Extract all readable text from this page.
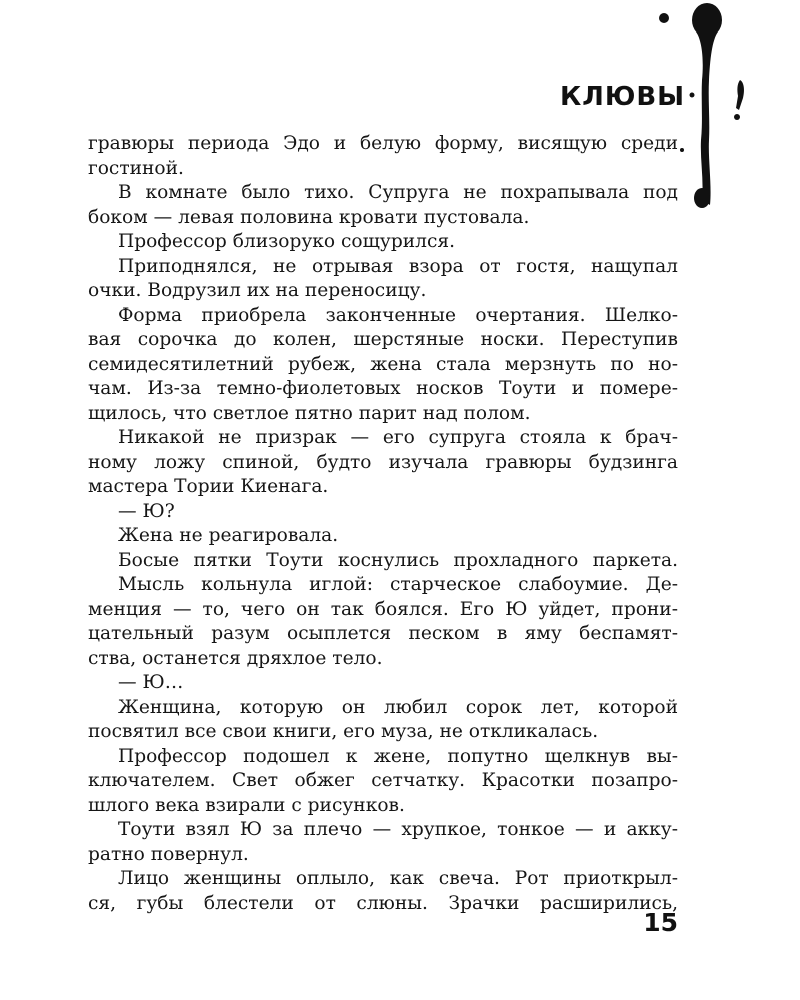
КЛЮВЫ
гравюры периода Эдо и белую форму, висящую среди
гостиной.
В комнате было тихо. Супруга не похрапывала под
боком — левая половина кровати пустовала.
Профессор близоруко сощурился.
Приподнялся, не отрывая взора от гостя, нащупал
очки. Водрузил их на переносицу.
Форма приобрела законченные очертания. Шелко-
вая сорочка до колен, шерстяные носки. Переступив
семидесятилетний рубеж, жена стала мерзнуть по но-
чам. Из-за темно-фиолетовых носков Тоути и померe-
щилось, что светлое пятно парит над полом.
Никакой не призрак — его супруга стояла к брач-
ному ложу спиной, будто изучала гравюры будзинга
мастера Тории Киенага.
— Ю?
Жена не реагировала.
Босые пятки Тоути коснулись прохладного паркета.
Мысль кольнула иглой: старческое слабоумие. Де-
менция — то, чего он так боялся. Его Ю уйдет, прони-
цательный разум осыплется песком в яму беспамят-
ства, останется дряхлое тело.
— Ю…
Женщина, которую он любил сорок лет, которой
посвятил все свои книги, его муза, не откликалась.
Профессор подошел к жене, попутно щелкнув вы-
ключателем. Свет обжег сетчатку. Красотки позапро-
шлого века взирали с рисунков.
Тоути взял Ю за плечо — хрупкое, тонкое — и акку-
ратно повернул.
Лицо женщины оплыло, как свеча. Рот приоткрыл-
ся, губы блестели от слюны. Зрачки расширились,
15
